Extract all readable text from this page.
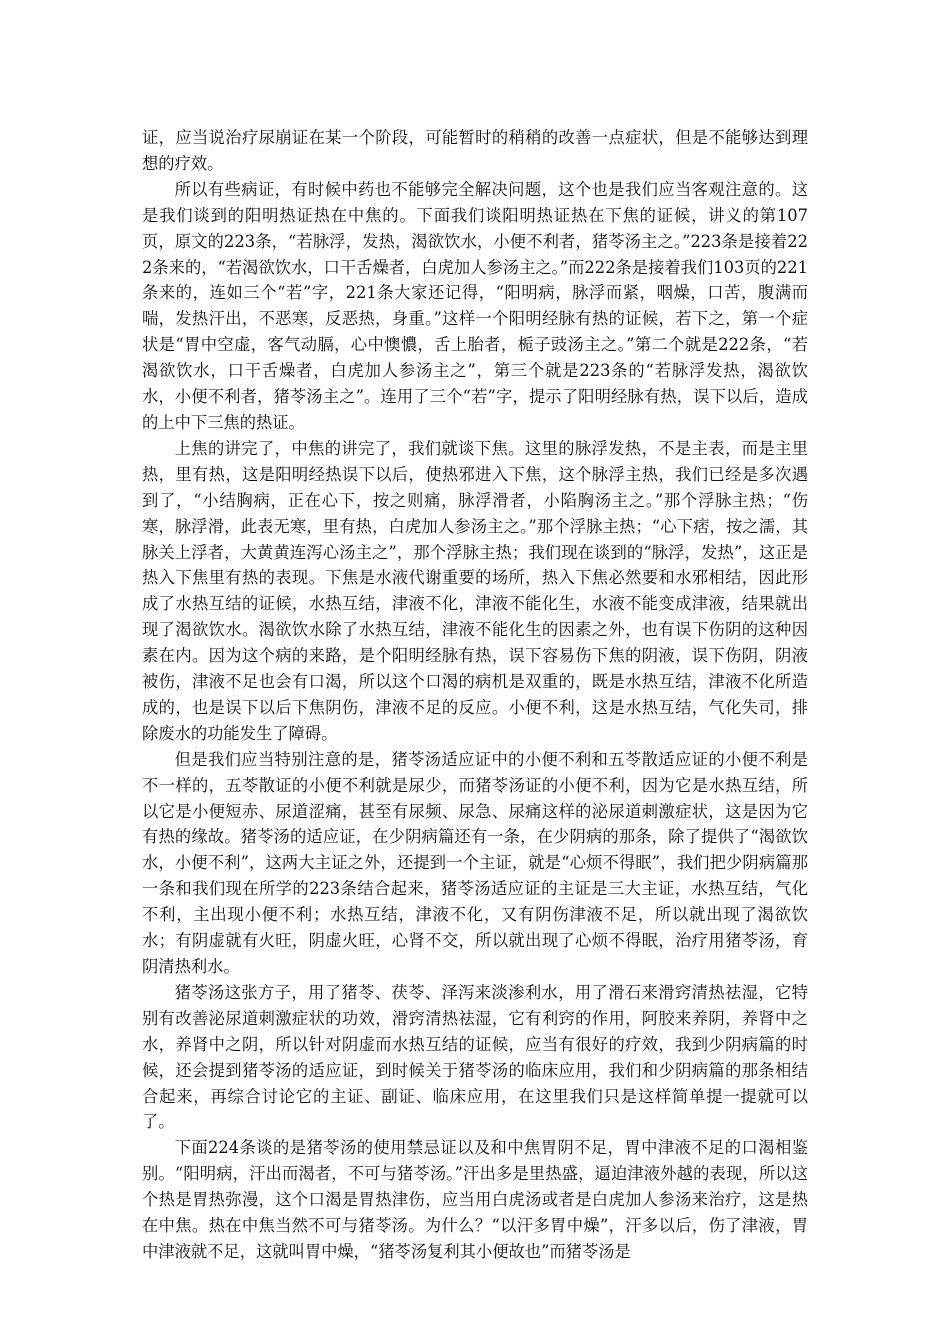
证，应当说治疗尿崩证在某一个阶段，可能暂时的稍稍的改善一点症状，但是不能够达到理想的疗效。

所以有些病证，有时候中药也不能够完全解决问题，这个也是我们应当客观注意的。这是我们谈到的阳明热证热在中焦的。下面我们谈阳明热证热在下焦的证候，讲义的第107页，原文的223条，“若脉浮，发热，渴欲饮水，小便不利者，猪苓汤主之。”223条是接着222条来的，“若渴欲饮水，口干舌燥者，白虎加人参汤主之。”而222条是接着我们103页的221条来的，连如三个“若”字，221条大家还记得，“阳明病，脉浮而紧，咽燥，口苦，腹满而喘，发热汗出，不恶寒，反恶热，身重。”这样一个阳明经脉有热的证候，若下之，第一个症状是“胃中空虚，客气动膈，心中懊憹，舌上胎者，栀子豉汤主之。”第二个就是222条，“若渴欲饮水，口干舌燥者，白虎加人参汤主之”，第三个就是223条的“若脉浮发热，渴欲饮水，小便不利者，猪苓汤主之”。连用了三个“若”字，提示了阳明经脉有热，误下以后，造成的上中下三焦的热证。

上焦的讲完了，中焦的讲完了，我们就谈下焦。这里的脉浮发热，不是主表，而是主里热，里有热，这是阳明经热误下以后，使热邪进入下焦，这个脉浮主热，我们已经是多次遇到了，“小结胸病，正在心下，按之则痛，脉浮滑者，小陷胸汤主之。”那个浮脉主热；“伤寒，脉浮滑，此表无寒，里有热，白虎加人参汤主之。”那个浮脉主热；“心下痞，按之濡，其脉关上浮者，大黄黄连泻心汤主之”，那个浮脉主热；我们现在谈到的“脉浮，发热”，这正是热入下焦里有热的表现。下焦是水液代谢重要的场所，热入下焦必然要和水邪相结，因此形成了水热互结的证候，水热互结，津液不化，津液不能化生，水液不能变成津液，结果就出现了渴欲饮水。渴欲饮水除了水热互结，津液不能化生的因素之外，也有误下伤阴的这种因素在内。因为这个病的来路，是个阳明经脉有热，误下容易伤下焦的阴液，误下伤阴，阴液被伤，津液不足也会有口渴，所以这个口渴的病机是双重的，既是水热互结，津液不化所造成的，也是误下以后下焦阴伤，津液不足的反应。小便不利，这是水热互结，气化失司，排除废水的功能发生了障碍。

但是我们应当特别注意的是，猪苓汤适应证中的小便不利和五苓散适应证的小便不利是不一样的，五苓散证的小便不利就是尿少，而猪苓汤证的小便不利，因为它是水热互结，所以它是小便短赤、尿道涩痛，甚至有尿频、尿急、尿痛这样的泌尿道刺激症状，这是因为它有热的缘故。猪苓汤的适应证，在少阴病篇还有一条，在少阴病的那条，除了提供了“渴欲饮水，小便不利”，这两大主证之外，还提到一个主证，就是“心烦不得眠”，我们把少阴病篇那一条和我们现在所学的223条结合起来，猪苓汤适应证的主证是三大主证，水热互结，气化不利，主出现小便不利；水热互结，津液不化，又有阴伤津液不足，所以就出现了渴欲饮水；有阴虚就有火旺，阴虚火旺，心肾不交，所以就出现了心烦不得眠，治疗用猪苓汤，育阴清热利水。

猪苓汤这张方子，用了猪苓、茯苓、泽泻来淡渗利水，用了滑石来滑窍清热祛湿，它特别有改善泌尿道刺激症状的功效，滑窍清热祛湿，它有利窍的作用，阿胶来养阴，养肾中之水，养肾中之阴，所以针对阴虚而水热互结的证候，应当有很好的疗效，我到少阴病篇的时候，还会提到猪苓汤的适应证，到时候关于猪苓汤的临床应用，我们和少阴病篇的那条相结合起来，再综合讨论它的主证、副证、临床应用，在这里我们只是这样简单提一提就可以了。

下面224条谈的是猪苓汤的使用禁忌证以及和中焦胃阴不足，胃中津液不足的口渴相鉴别。“阳明病，汗出而渴者，不可与猪苓汤。”汗出多是里热盛，逼迫津液外越的表现，所以这个热是胃热弥漫，这个口渴是胃热津伤，应当用白虎汤或者是白虎加人参汤来治疗，这是热在中焦。热在中焦当然不可与猪苓汤。为什么？“以汗多胃中燥”，汗多以后，伤了津液，胃中津液就不足，这就叫胃中燥，“猪苓汤复利其小便故也”而猪苓汤是
